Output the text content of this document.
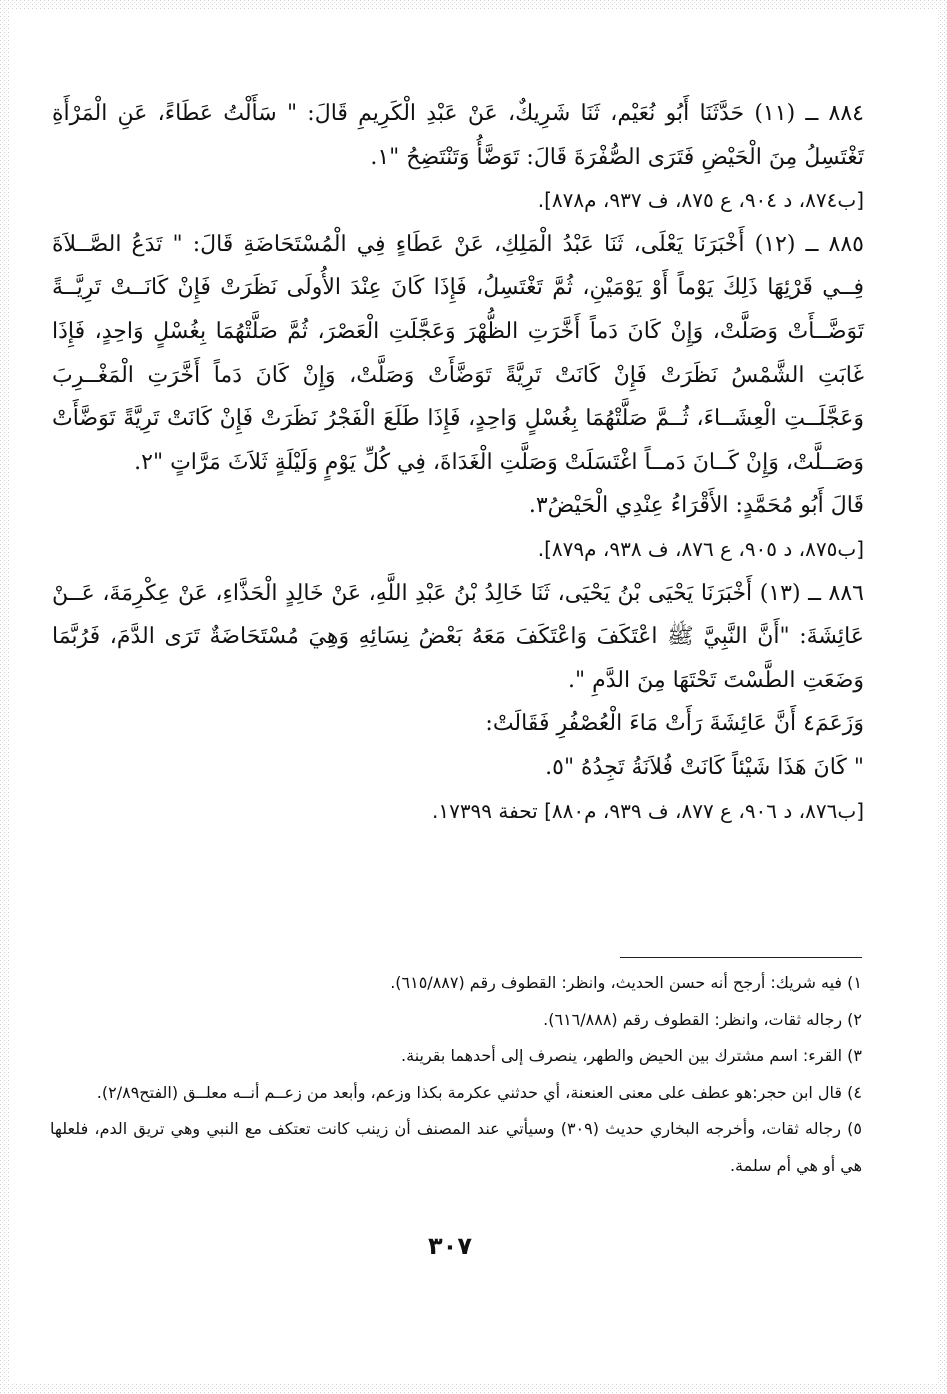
٨٨٤ ــ (١١) حَدَّثَنَا أَبُو نُعَيْم، ثَنَا شَرِيكٌ، عَنْ عَبْدِ الْكَرِيمِ قَالَ: " سَأَلْتُ عَطَاءً، عَنِ الْمَرْأَةِ تَغْتَسِلُ مِنَ الْحَيْضِ فَتَرَى الصُّفْرَةَ قَالَ: تَوَضَّأُ وَتَنْتَضِحُ "١.

[ب٨٧٤، د ٩٠٤، ع ٨٧٥، ف ٩٣٧، م٨٧٨].

٨٨٥ ــ (١٢) أَخْبَرَنَا يَعْلَى، ثَنَا عَبْدُ الْمَلِكِ، عَنْ عَطَاءٍ فِي الْمُسْتَحَاضَةِ قَالَ: " تَدَعُ الصَّــلاَةَ فِــي قَرْئِهَا ذَلِكَ يَوْماً أَوْ يَوْمَيْنِ، ثُمَّ تَغْتَسِلُ، فَإِذَا كَانَ عِنْدَ الأُولَى نَظَرَتْ فَإِنْ كَانَــتْ تَرِيَّــةً تَوَضَّــأَتْ وَصَلَّتْ، وَإِنْ كَانَ دَماً أَخَّرَتِ الظُّهْرَ وَعَجَّلَتِ الْعَصْرَ، ثُمَّ صَلَّتْهُمَا بِغُسْلٍ وَاحِدٍ، فَإِذَا غَابَتِ الشَّمْسُ نَظَرَتْ فَإِنْ كَانَتْ تَرِيَّةً تَوَضَّأَتْ وَصَلَّتْ، وَإِنْ كَانَ دَماً أَخَّرَتِ الْمَغْــرِبَ وَعَجَّلَــتِ الْعِشَــاءَ، ثُــمَّ صَلَّتْهُمَا بِغُسْلٍ وَاحِدٍ، فَإِذَا طَلَعَ الْفَجْرُ نَظَرَتْ فَإِنْ كَانَتْ تَرِيَّةً تَوَضَّأَتْ وَصَــلَّتْ، وَإِنْ كَــانَ دَمــاً اغْتَسَلَتْ وَصَلَّتِ الْغَدَاةَ، فِي كُلِّ يَوْمٍ وَلَيْلَةٍ ثَلاَثَ مَرَّاتٍ "٢.

قَالَ أَبُو مُحَمَّدٍ: الأَقْرَاءُ عِنْدِي الْحَيْضُ٣.

[ب٨٧٥، د ٩٠٥، ع ٨٧٦، ف ٩٣٨، م٨٧٩].

٨٨٦ ــ (١٣) أَخْبَرَنَا يَحْيَى بْنُ يَحْيَى، ثَنَا خَالِدُ بْنُ عَبْدِ اللَّهِ، عَنْ خَالِدٍ الْحَذَّاءِ، عَنْ عِكْرِمَةَ، عَــنْ عَائِشَةَ: "أَنَّ النَّبِيَّ ﷺ اعْتَكَفَ وَاعْتَكَفَ مَعَهُ بَعْضُ نِسَائِهِ وَهِيَ مُسْتَحَاضَةٌ تَرَى الدَّمَ، فَرُبَّمَا وَضَعَتِ الطَّسْتَ تَحْتَهَا مِنَ الدَّمِ ".

وَزَعَمَ٤ أَنَّ عَائِشَةَ رَأَتْ مَاءَ الْعُصْفُرِ فَقَالَتْ:

" كَانَ هَذَا شَيْئاً كَانَتْ فُلاَنَةُ تَجِدُهُ "٥.

[ب٨٧٦، د ٩٠٦، ع ٨٧٧، ف ٩٣٩، م٨٨٠] تحفة ١٧٣٩٩.

١) فيه شريك: أرجح أنه حسن الحديث، وانظر: القطوف رقم (٦١٥/٨٨٧).

٢) رجاله ثقات، وانظر: القطوف رقم (٦١٦/٨٨٨).

٣) القرء: اسم مشترك بين الحيض والطهر، ينصرف إلى أحدهما بقرينة.

٤) قال ابن حجر:هو عطف على معنى العنعنة، أي حدثني عكرمة بكذا وزعم، وأبعد من زعــم أنــه معلــق (الفتح٢/٨٩).

٥) رجاله ثقات، وأخرجه البخاري حديث (٣٠٩) وسيأتي عند المصنف أن زينب كانت تعتكف مع النبي وهي تريق الدم، فلعلها هي أو هي أم سلمة.

٣٠٧
